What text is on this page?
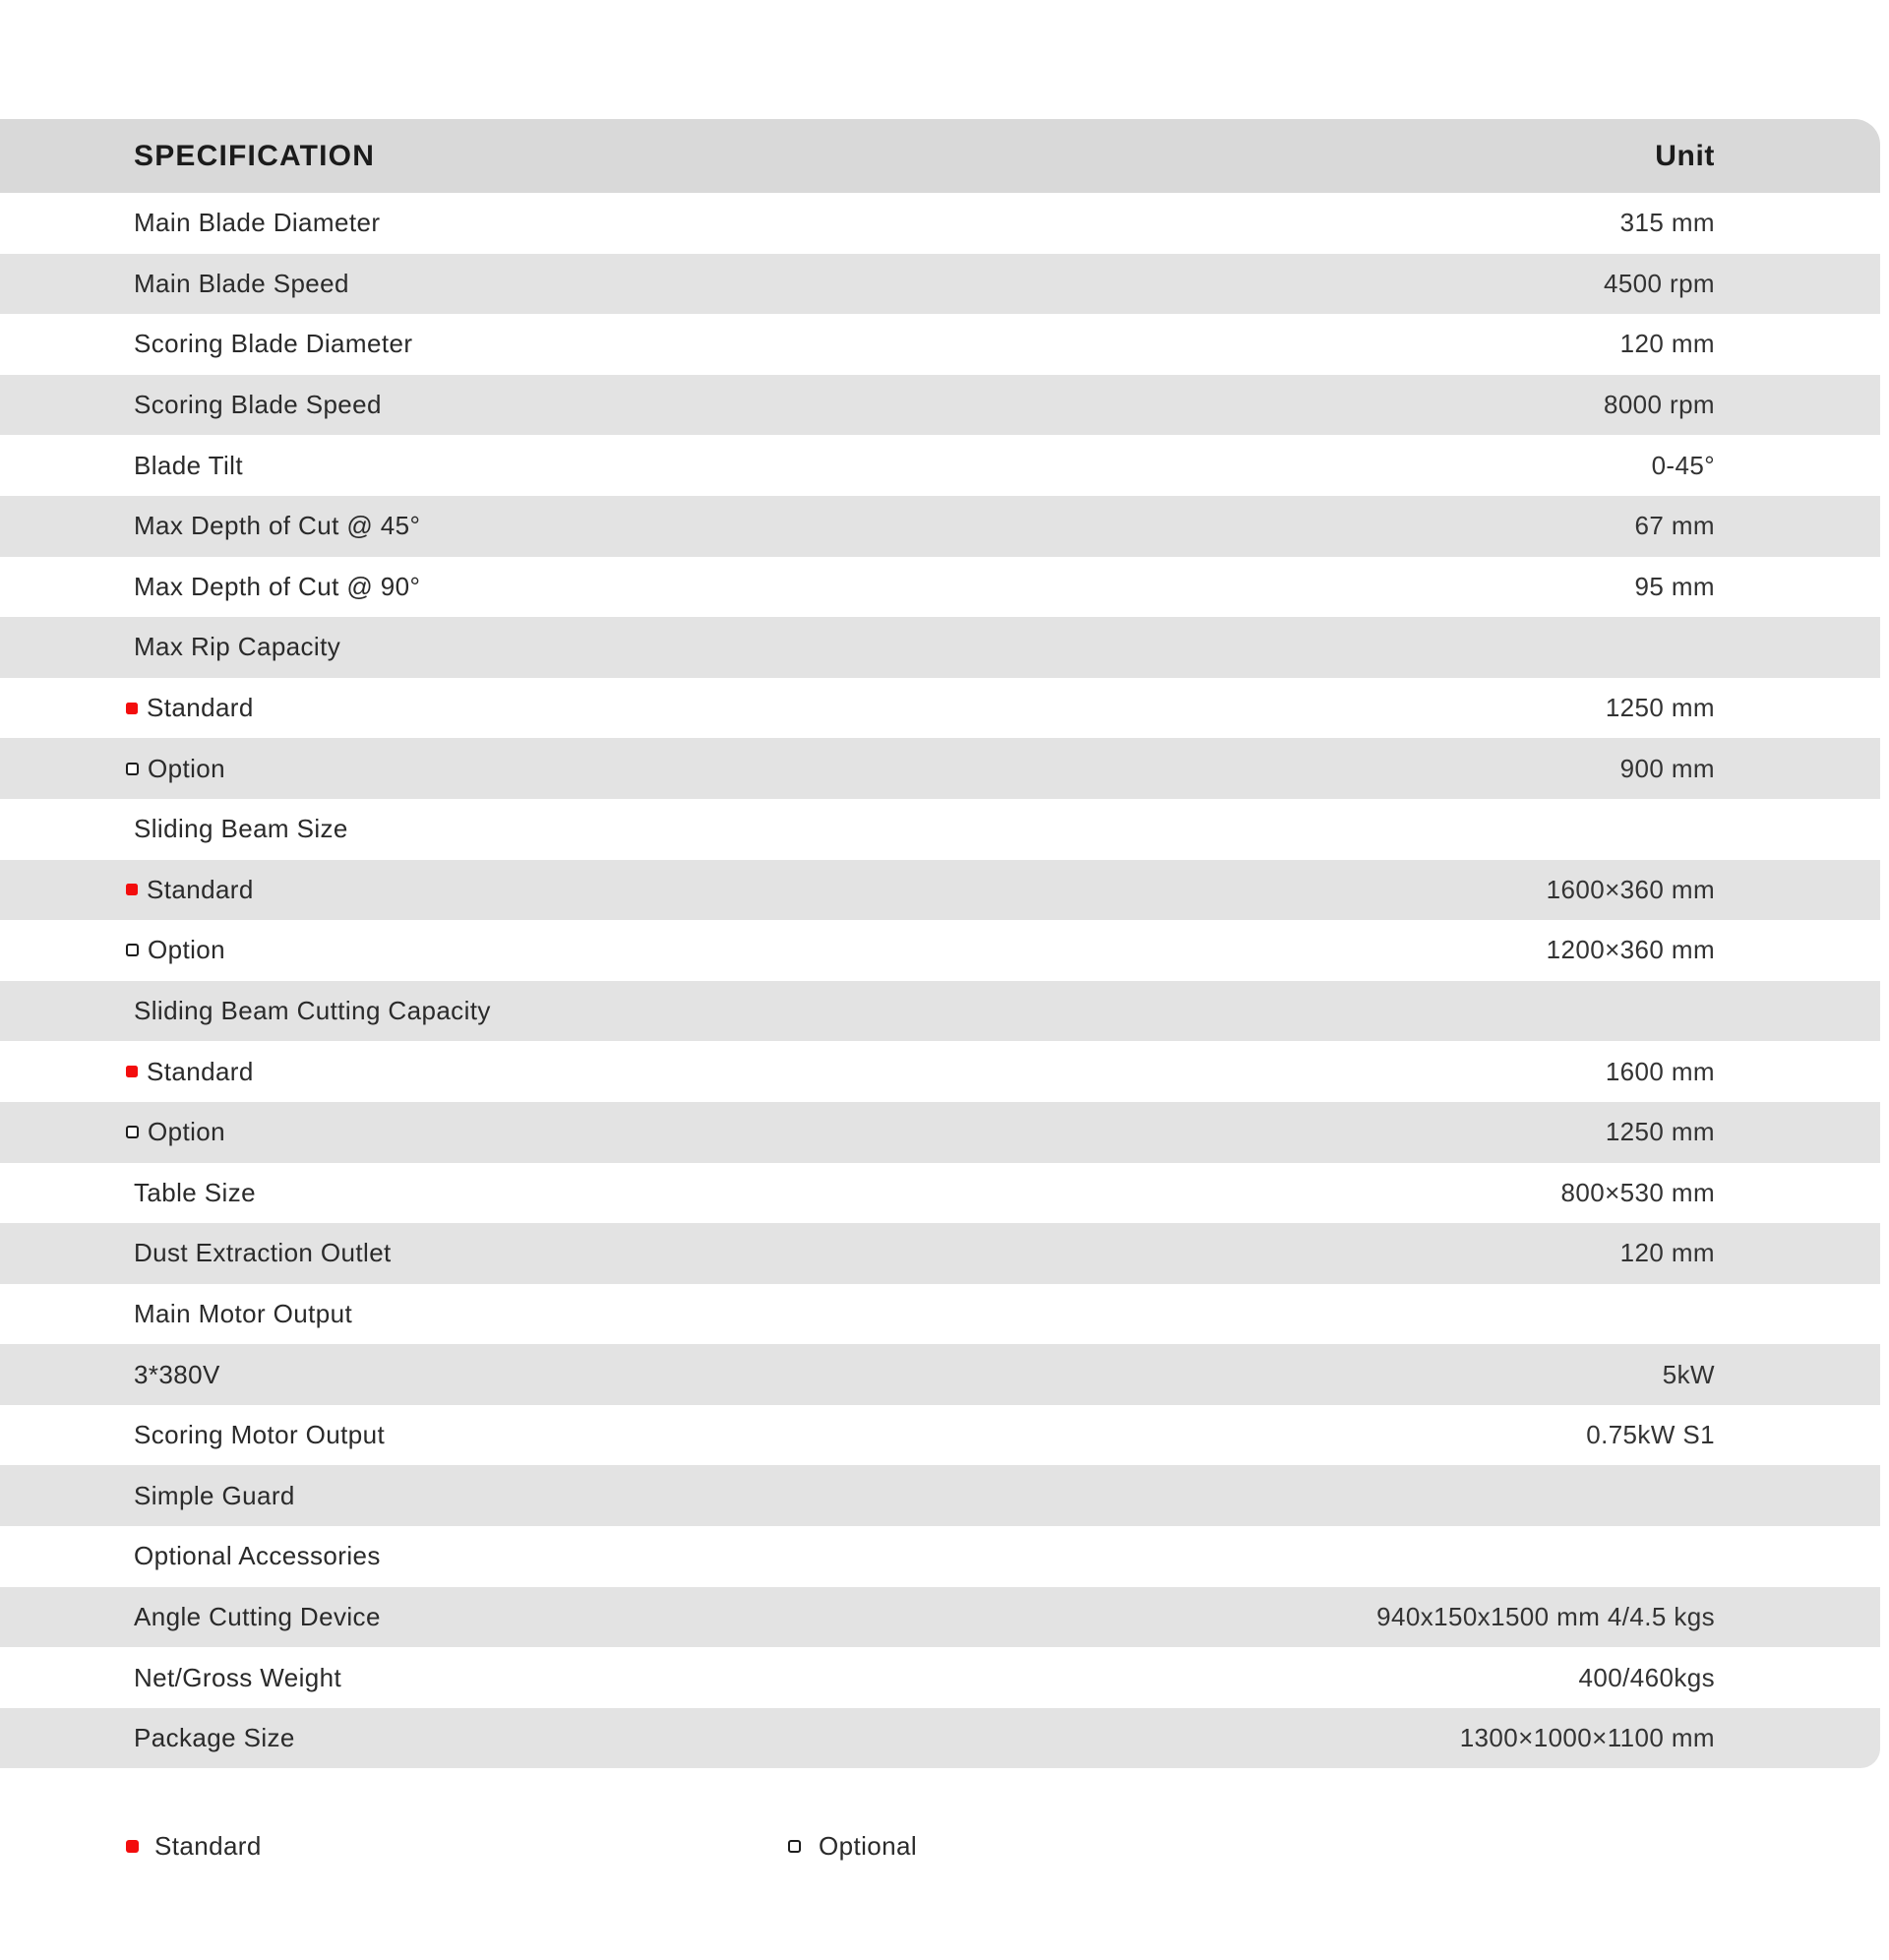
SPECIFICATION	Unit
Main Blade Diameter	315 mm
Main Blade Speed	4500 rpm
Scoring Blade Diameter	120 mm
Scoring Blade Speed	8000 rpm
Blade Tilt	0-45°
Max Depth of Cut @ 45°	67 mm
Max Depth of Cut @ 90°	95 mm
Max Rip Capacity
Standard	1250 mm
Option	900 mm
Sliding Beam Size
Standard	1600×360 mm
Option	1200×360 mm
Sliding Beam Cutting Capacity
Standard	1600 mm
Option	1250 mm
Table Size	800×530 mm
Dust Extraction Outlet	120 mm
Main Motor Output
3*380V	5kW
Scoring Motor Output	0.75kW S1
Simple Guard
Optional Accessories
Angle Cutting Device	940x150x1500 mm 4/4.5 kgs
Net/Gross Weight	400/460kgs
Package Size	1300×1000×1100 mm
Standard	Optional
